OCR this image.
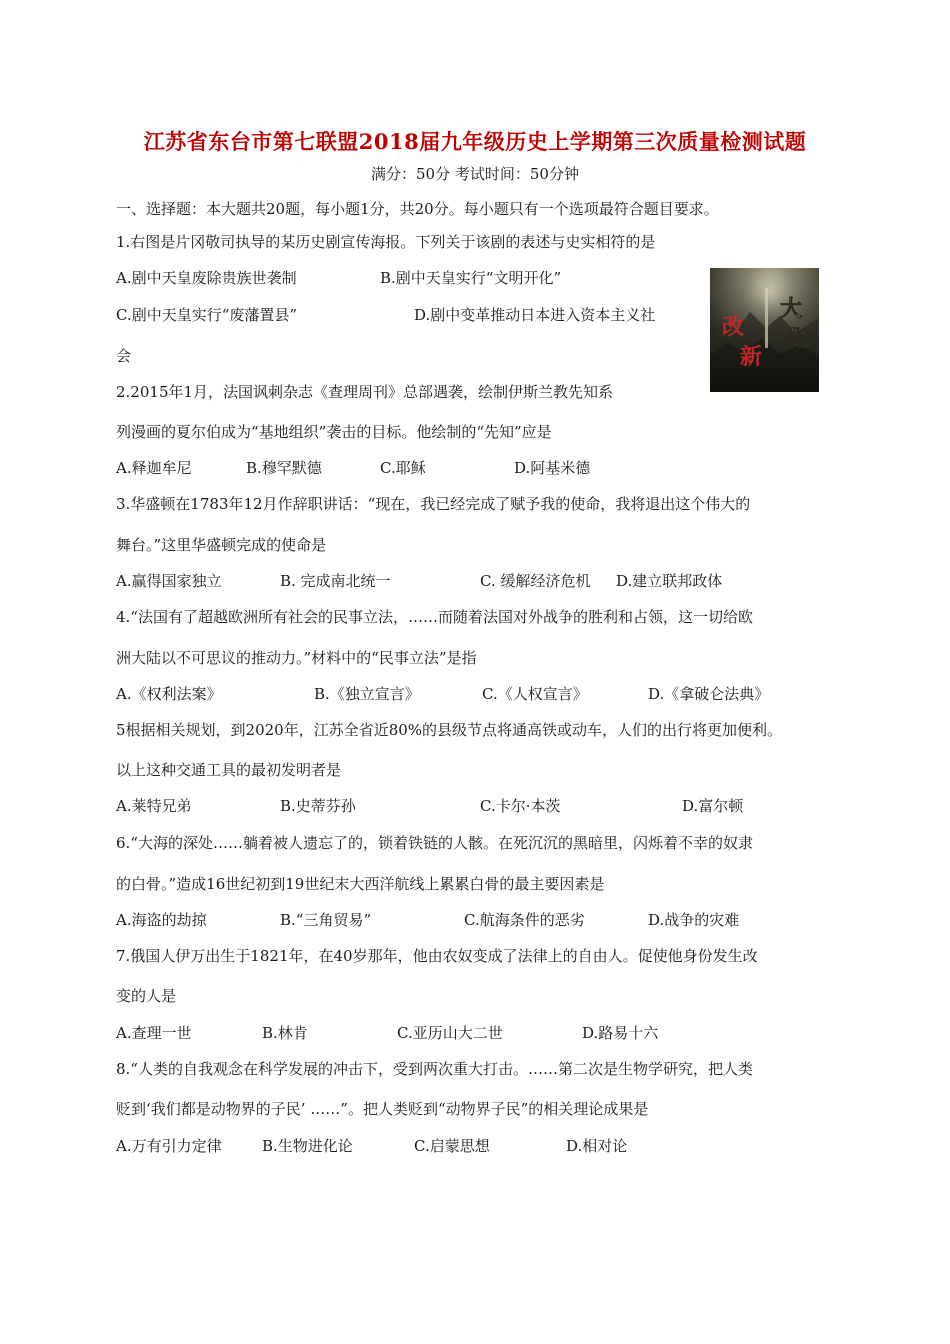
江苏省东台市第七联盟2018届九年级历史上学期第三次质量检测试题
满分：50分 考试时间：50分钟
一、选择题：本大题共20题，每小题1分，共20分。每小题只有一个选项最符合题目要求。
1.右图是片冈敬司执导的某历史剧宣传海报。下列关于该剧的表述与史实相符的是
A.剧中天皇废除贵族世袭制	B.剧中天皇实行“文明开化”
C.剧中天皇实行“废藩置县”	D.剧中变革推动日本进入资本主义社
会
大
化
改
新
2.2015年1月，法国讽刺杂志《查理周刊》总部遇袭，绘制伊斯兰教先知系
列漫画的夏尔伯成为“基地组织”袭击的目标。他绘制的“先知”应是
A.释迦牟尼	B.穆罕默德	C.耶稣	D.阿基米德
3.华盛顿在1783年12月作辞职讲话：“现在，我已经完成了赋予我的使命，我将退出这个伟大的
舞台。”这里华盛顿完成的使命是
A.赢得国家独立	B. 完成南北统一	C. 缓解经济危机 D.建立联邦政体
4.“法国有了超越欧洲所有社会的民事立法，……而随着法国对外战争的胜利和占领，这一切给欧
洲大陆以不可思议的推动力。”材料中的“民事立法”是指
A.《权利法案》	B.《独立宣言》	C.《人权宣言》	D.《拿破仑法典》
5根据相关规划，到2020年，江苏全省近80%的县级节点将通高铁或动车，人们的出行将更加便利。
以上这种交通工具的最初发明者是
A.莱特兄弟	B.史蒂芬孙	C.卡尔·本茨	D.富尔顿
6.“大海的深处……躺着被人遗忘了的，锁着铁链的人骸。在死沉沉的黑暗里，闪烁着不幸的奴隶
的白骨。”造成16世纪初到19世纪末大西洋航线上累累白骨的最主要因素是
A.海盗的劫掠	B.“三角贸易”	C.航海条件的恶劣	D.战争的灾难
7.俄国人伊万出生于1821年，在40岁那年，他由农奴变成了法律上的自由人。促使他身份发生改
变的人是
A.查理一世	B.林肯	C.亚历山大二世	D.路易十六
8.“人类的自我观念在科学发展的冲击下，受到两次重大打击。……第二次是生物学研究，把人类
贬到‘我们都是动物界的子民’ ……”。把人类贬到“动物界子民”的相关理论成果是
A.万有引力定律	B.生物进化论	C.启蒙思想	D.相对论
